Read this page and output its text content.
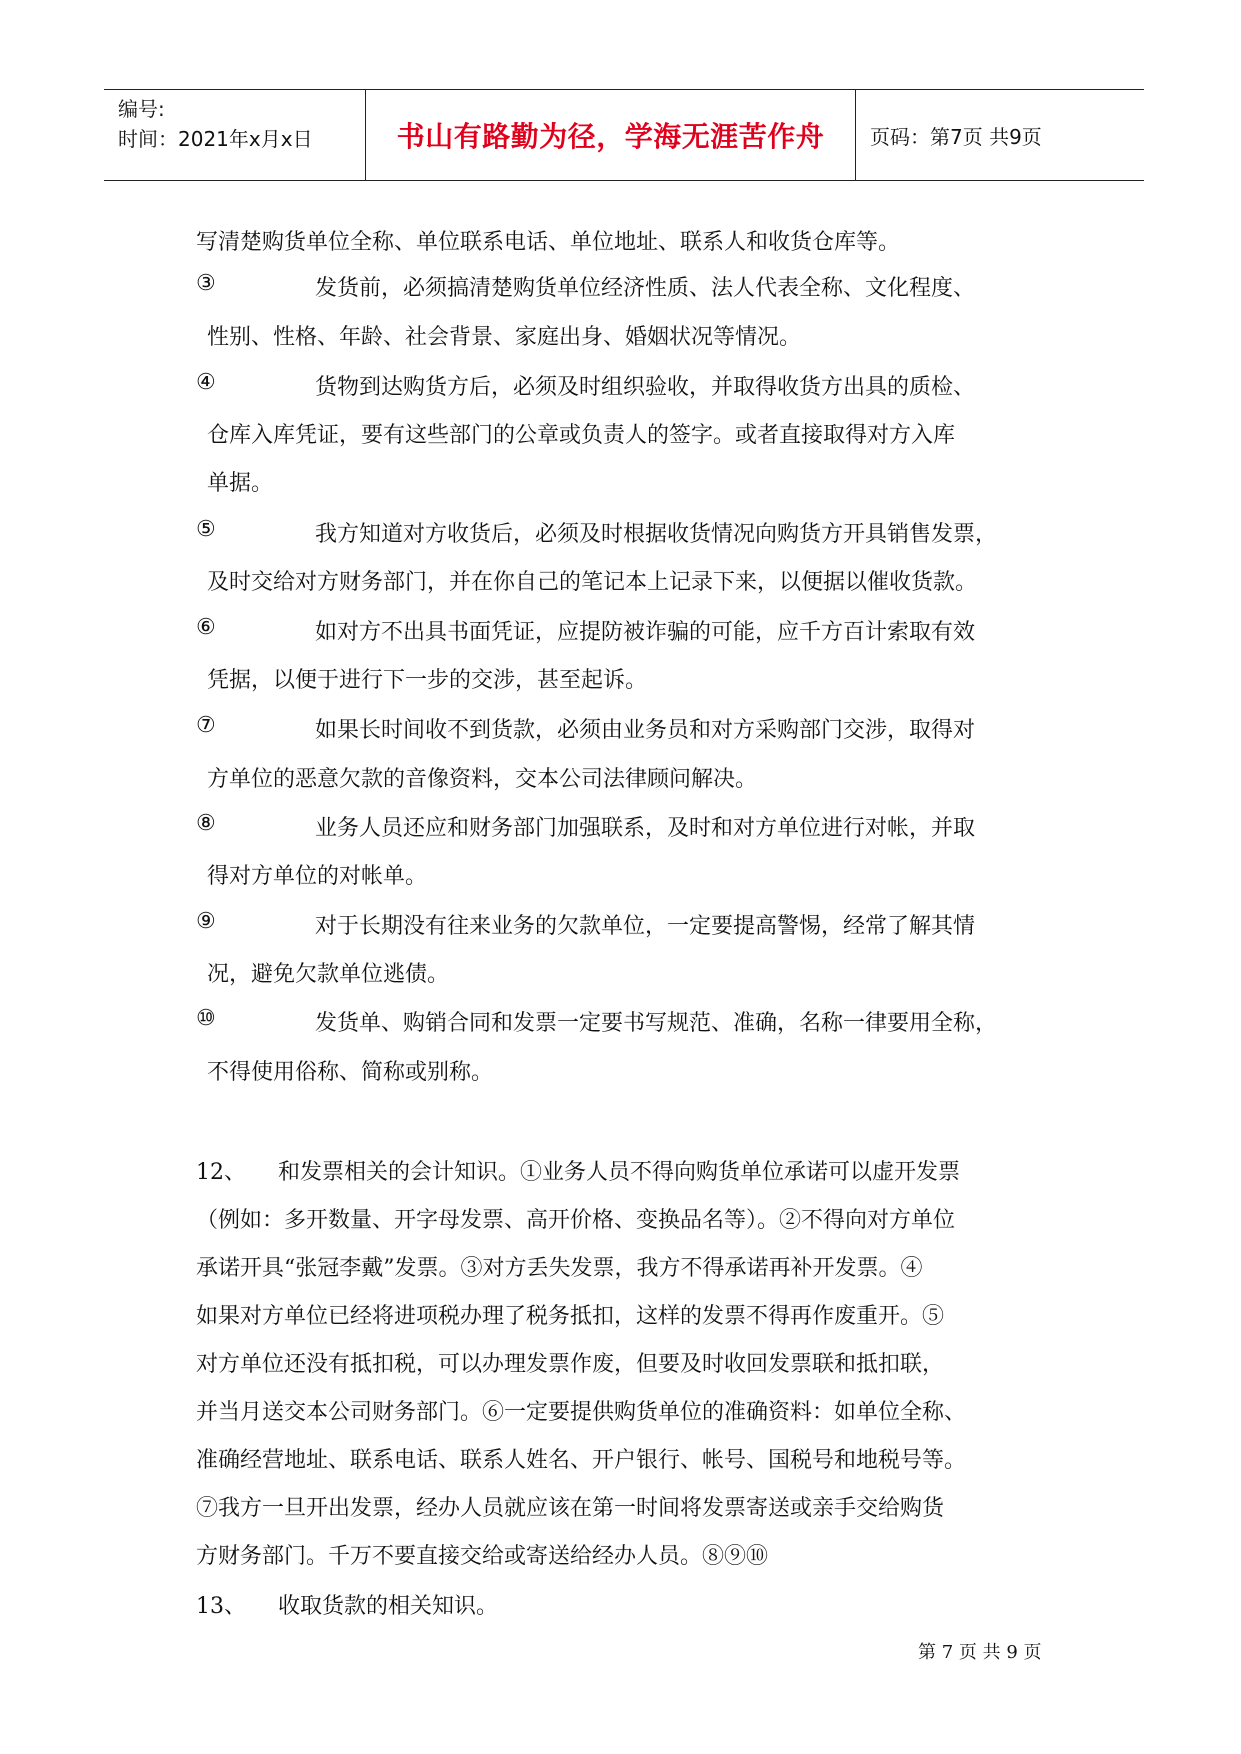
编号:
时间：2021年x月x日	书山有路勤为径，学海无涯苦作舟	页码：第7页 共9页
写清楚购货单位全称、单位联系电话、单位地址、联系人和收货仓库等。
③	发货前，必须搞清楚购货单位经济性质、法人代表全称、文化程度、
性别、性格、年龄、社会背景、家庭出身、婚姻状况等情况。
④	货物到达购货方后，必须及时组织验收，并取得收货方出具的质检、
仓库入库凭证，要有这些部门的公章或负责人的签字。或者直接取得对方入库
单据。
⑤	我方知道对方收货后，必须及时根据收货情况向购货方开具销售发票，
及时交给对方财务部门，并在你自己的笔记本上记录下来，以便据以催收货款。
⑥	如对方不出具书面凭证，应提防被诈骗的可能，应千方百计索取有效
凭据，以便于进行下一步的交涉，甚至起诉。
⑦	如果长时间收不到货款，必须由业务员和对方采购部门交涉，取得对
方单位的恶意欠款的音像资料，交本公司法律顾问解决。
⑧	业务人员还应和财务部门加强联系，及时和对方单位进行对帐，并取
得对方单位的对帐单。
⑨	对于长期没有往来业务的欠款单位，一定要提高警惕，经常了解其情
况，避免欠款单位逃债。
⑩	发货单、购销合同和发票一定要书写规范、准确，名称一律要用全称，
不得使用俗称、简称或别称。
12、 和发票相关的会计知识。①业务人员不得向购货单位承诺可以虚开发票
（例如：多开数量、开字母发票、高开价格、变换品名等）。②不得向对方单位
承诺开具“张冠李戴”发票。③对方丢失发票，我方不得承诺再补开发票。④
如果对方单位已经将进项税办理了税务抵扣，这样的发票不得再作废重开。⑤
对方单位还没有抵扣税，可以办理发票作废，但要及时收回发票联和抵扣联，
并当月送交本公司财务部门。⑥一定要提供购货单位的准确资料：如单位全称、
准确经营地址、联系电话、联系人姓名、开户银行、帐号、国税号和地税号等。
⑦我方一旦开出发票，经办人员就应该在第一时间将发票寄送或亲手交给购货
方财务部门。千万不要直接交给或寄送给经办人员。⑧⑨⑩
13、 收取货款的相关知识。
第 7 页 共 9 页
